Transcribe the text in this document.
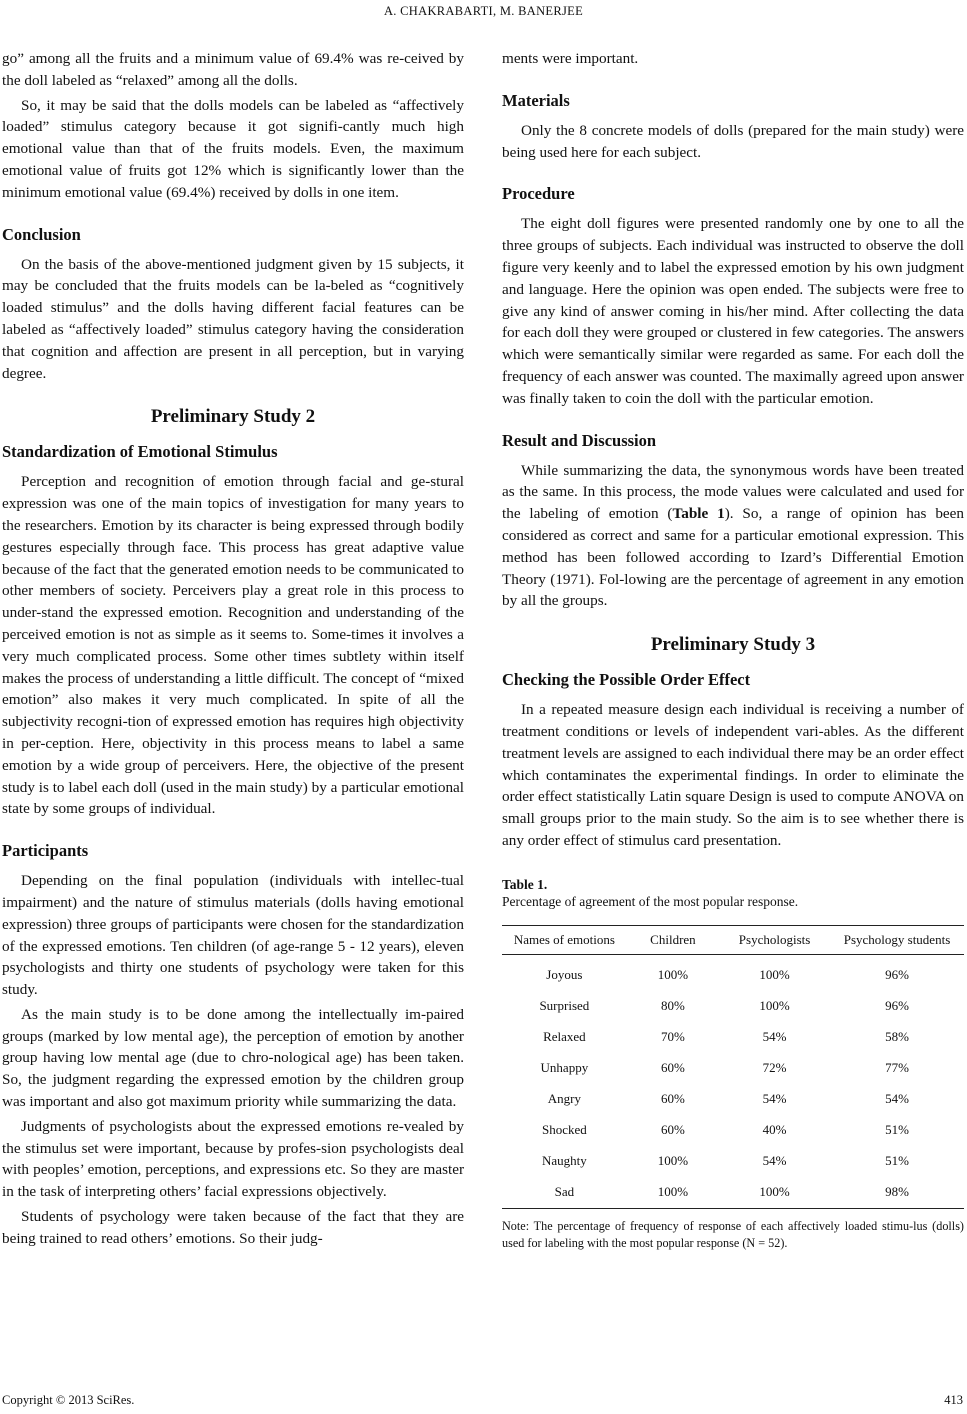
A. CHAKRABARTI, M. BANERJEE

go” among all the fruits and a minimum value of 69.4% was re-ceived by the doll labeled as “relaxed” among all the dolls.

So, it may be said that the dolls models can be labeled as “affectively loaded” stimulus category because it got signifi-cantly much high emotional value than that of the fruits models. Even, the maximum emotional value of fruits got 12% which is significantly lower than the minimum emotional value (69.4%) received by dolls in one item.

Conclusion

On the basis of the above-mentioned judgment given by 15 subjects, it may be concluded that the fruits models can be la-beled as “cognitively loaded stimulus” and the dolls having different facial features can be labeled as “affectively loaded” stimulus category having the consideration that cognition and affection are present in all perception, but in varying degree.

Preliminary Study 2
Standardization of Emotional Stimulus

Perception and recognition of emotion through facial and ge-stural expression was one of the main topics of investigation for many years to the researchers. Emotion by its character is being expressed through bodily gestures especially through face. This process has great adaptive value because of the fact that the generated emotion needs to be communicated to other members of society. Perceivers play a great role in this process to under-stand the expressed emotion. Recognition and understanding of the perceived emotion is not as simple as it seems to. Some-times it involves a very much complicated process. Some other times subtlety within itself makes the process of understanding a little difficult. The concept of “mixed emotion” also makes it very much complicated. In spite of all the subjectivity recogni-tion of expressed emotion has requires high objectivity in per-ception. Here, objectivity in this process means to label a same emotion by a wide group of perceivers. Here, the objective of the present study is to label each doll (used in the main study) by a particular emotional state by some groups of individual.

Participants

Depending on the final population (individuals with intellec-tual impairment) and the nature of stimulus materials (dolls having emotional expression) three groups of participants were chosen for the standardization of the expressed emotions. Ten children (of age-range 5 - 12 years), eleven psychologists and thirty one students of psychology were taken for this study.

As the main study is to be done among the intellectually im-paired groups (marked by low mental age), the perception of emotion by another group having low mental age (due to chro-nological age) has been taken. So, the judgment regarding the expressed emotion by the children group was important and also got maximum priority while summarizing the data.

Judgments of psychologists about the expressed emotions re-vealed by the stimulus set were important, because by profes-sion psychologists deal with peoples’ emotion, perceptions, and expressions etc. So they are master in the task of interpreting others’ facial expressions objectively.

Students of psychology were taken because of the fact that they are being trained to read others’ emotions. So their judg-

ments were important.

Materials

Only the 8 concrete models of dolls (prepared for the main study) were being used here for each subject.

Procedure

The eight doll figures were presented randomly one by one to all the three groups of subjects. Each individual was instructed to observe the doll figure very keenly and to label the expressed emotion by his own judgment and language. Here the opinion was open ended. The subjects were free to give any kind of answer coming in his/her mind. After collecting the data for each doll they were grouped or clustered in few categories. The answers which were semantically similar were regarded as same. For each doll the frequency of each answer was counted. The maximally agreed upon answer was finally taken to coin the doll with the particular emotion.

Result and Discussion

While summarizing the data, the synonymous words have been treated as the same. In this process, the mode values were calculated and used for the labeling of emotion (Table 1). So, a range of opinion has been considered as correct and same for a particular emotional expression. This method has been followed according to Izard’s Differential Emotion Theory (1971). Fol-lowing are the percentage of agreement in any emotion by all the groups.

Preliminary Study 3
Checking the Possible Order Effect

In a repeated measure design each individual is receiving a number of treatment conditions or levels of independent vari-ables. As the different treatment levels are assigned to each individual there may be an order effect which contaminates the experimental findings. In order to eliminate the order effect statistically Latin square Design is used to compute ANOVA on small groups prior to the main study. So the aim is to see whether there is any order effect of stimulus card presentation.

Table 1.
Percentage of agreement of the most popular response.
Names of emotions	Children	Psychologists	Psychology students
Joyous	100%	100%	96%
Surprised	80%	100%	96%
Relaxed	70%	54%	58%
Unhappy	60%	72%	77%
Angry	60%	54%	54%
Shocked	60%	40%	51%
Naughty	100%	54%	51%
Sad	100%	100%	98%
Note: The percentage of frequency of response of each affectively loaded stimu-lus (dolls) used for labeling with the most popular response (N = 52).
Copyright © 2013 SciRes.	413
